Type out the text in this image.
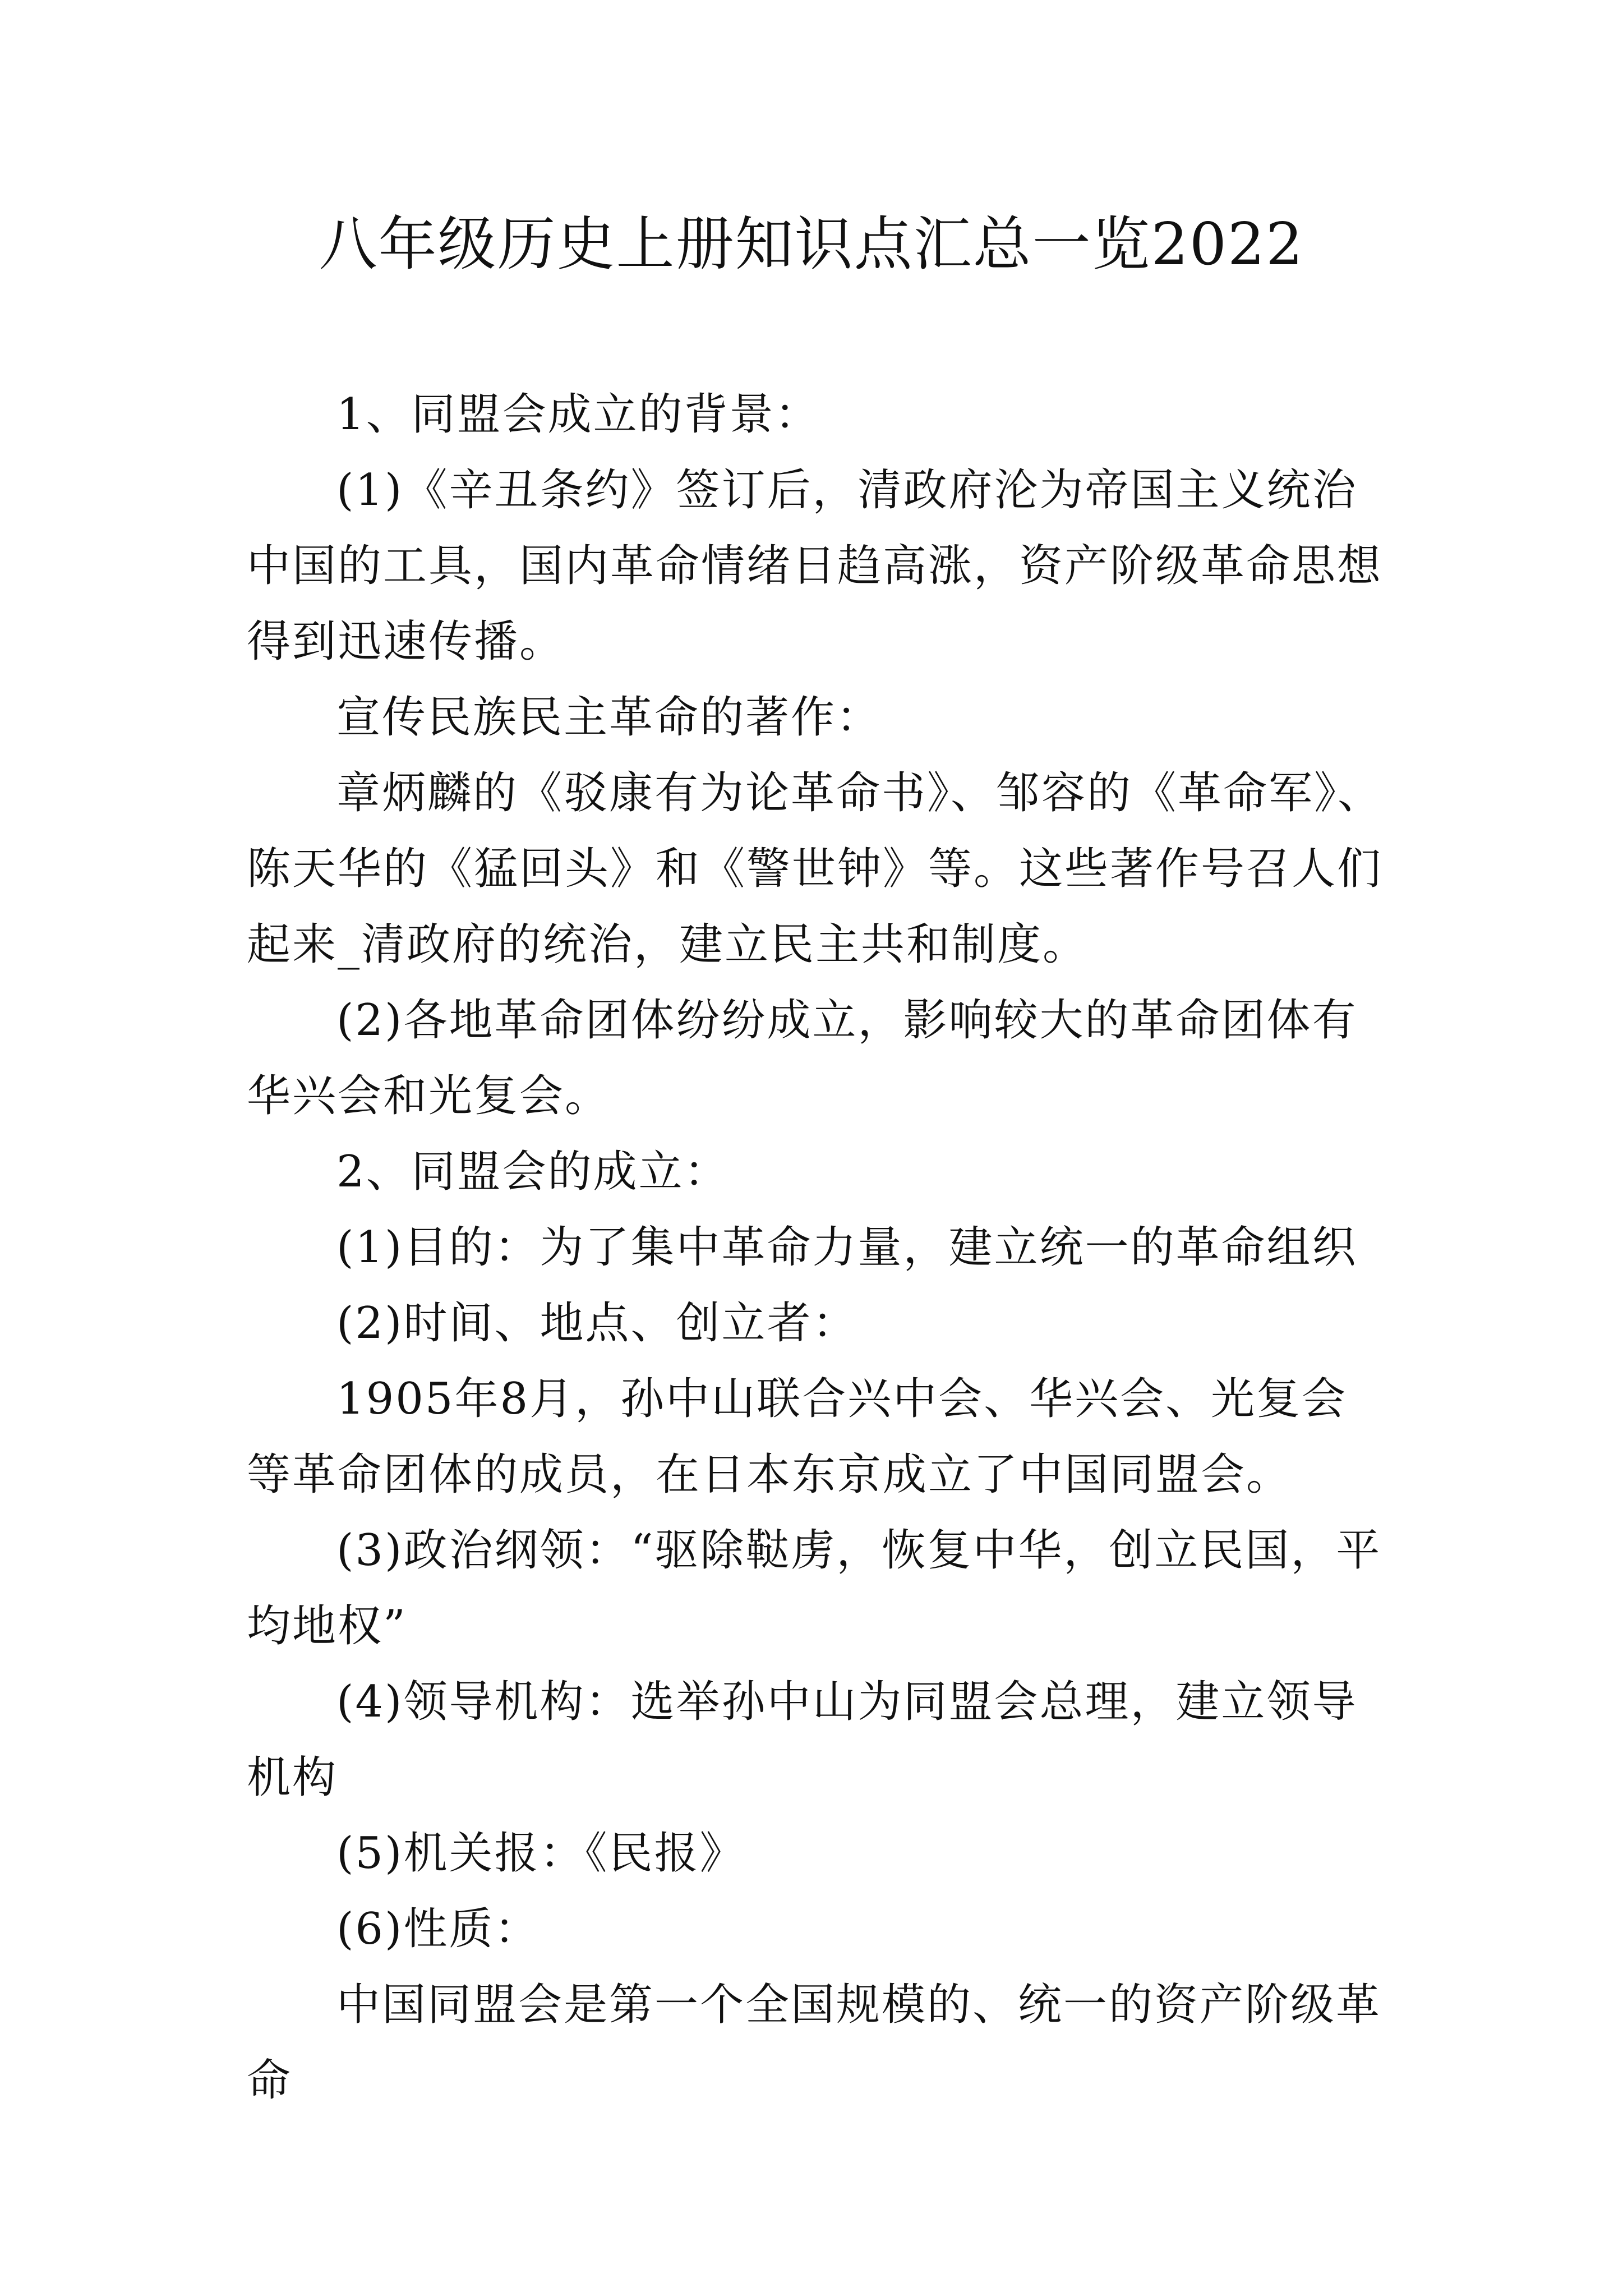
八年级历史上册知识点汇总一览2022

1、同盟会成立的背景：

(1)《辛丑条约》签订后，清政府沦为帝国主义统治中国的工具，国内革命情绪日趋高涨，资产阶级革命思想得到迅速传播。

宣传民族民主革命的著作：

章炳麟的《驳康有为论革命书》、邹容的《革命军》、陈天华的《猛回头》和《警世钟》等。这些著作号召人们起来_清政府的统治，建立民主共和制度。

(2)各地革命团体纷纷成立，影响较大的革命团体有华兴会和光复会。

2、同盟会的成立：

(1)目的：为了集中革命力量，建立统一的革命组织

(2)时间、地点、创立者：

1905年8月，孙中山联合兴中会、华兴会、光复会等革命团体的成员，在日本东京成立了中国同盟会。

(3)政治纲领：“驱除鞑虏，恢复中华，创立民国，平均地权”

(4)领导机构：选举孙中山为同盟会总理，建立领导机构

(5)机关报：《民报》

(6)性质：

中国同盟会是第一个全国规模的、统一的资产阶级革命
